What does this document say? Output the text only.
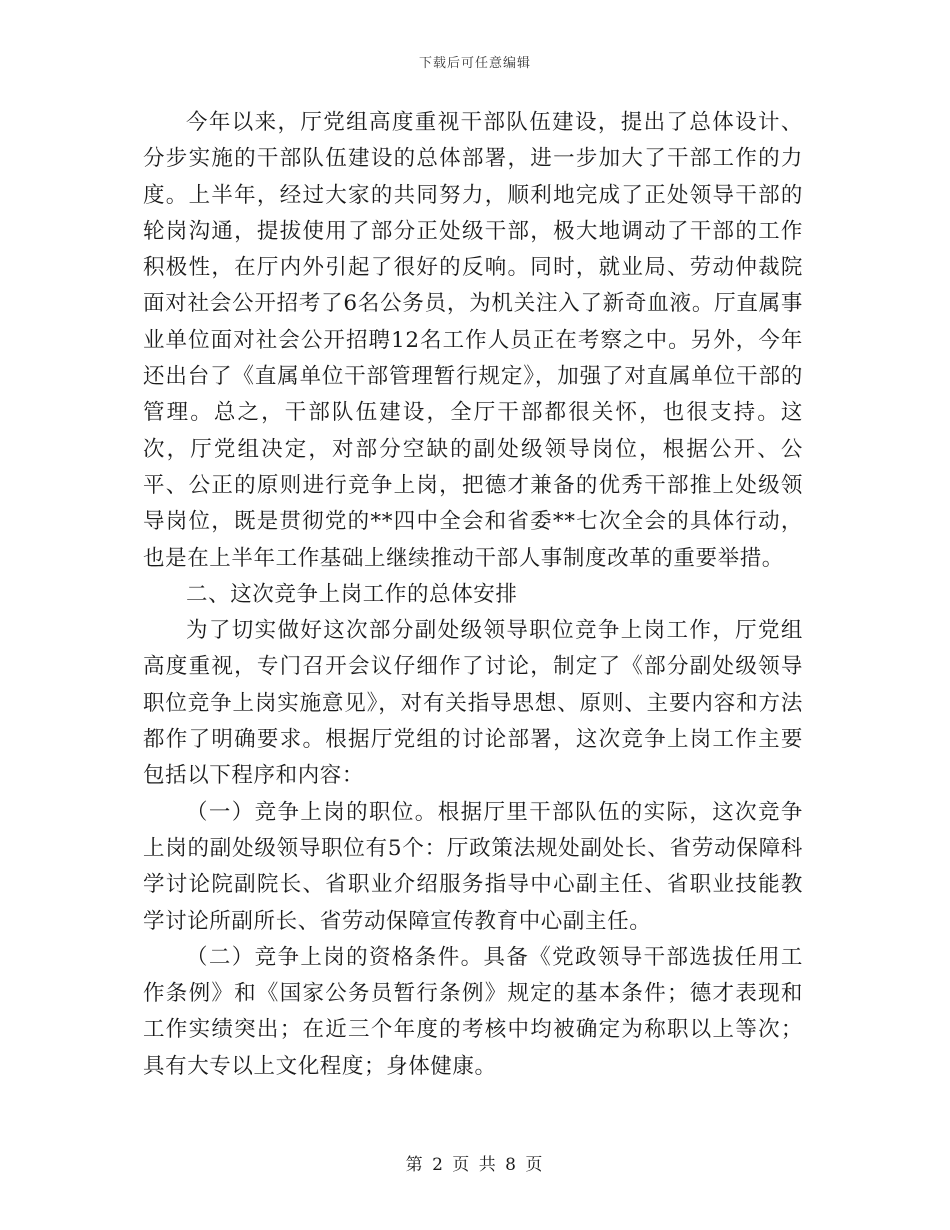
下载后可任意编辑

今年以来，厅党组高度重视干部队伍建设，提出了总体设计、分步实施的干部队伍建设的总体部署，进一步加大了干部工作的力度。上半年，经过大家的共同努力，顺利地完成了正处领导干部的轮岗沟通，提拔使用了部分正处级干部，极大地调动了干部的工作积极性，在厅内外引起了很好的反响。同时，就业局、劳动仲裁院面对社会公开招考了6名公务员，为机关注入了新奇血液。厅直属事业单位面对社会公开招聘12名工作人员正在考察之中。另外，今年还出台了《直属单位干部管理暂行规定》，加强了对直属单位干部的管理。总之，干部队伍建设，全厅干部都很关怀，也很支持。这次，厅党组决定，对部分空缺的副处级领导岗位，根据公开、公平、公正的原则进行竞争上岗，把德才兼备的优秀干部推上处级领导岗位，既是贯彻党的**四中全会和省委**七次全会的具体行动，也是在上半年工作基础上继续推动干部人事制度改革的重要举措。

二、这次竞争上岗工作的总体安排

为了切实做好这次部分副处级领导职位竞争上岗工作，厅党组高度重视，专门召开会议仔细作了讨论，制定了《部分副处级领导职位竞争上岗实施意见》，对有关指导思想、原则、主要内容和方法都作了明确要求。根据厅党组的讨论部署，这次竞争上岗工作主要包括以下程序和内容：

（一）竞争上岗的职位。根据厅里干部队伍的实际，这次竞争上岗的副处级领导职位有5个：厅政策法规处副处长、省劳动保障科学讨论院副院长、省职业介绍服务指导中心副主任、省职业技能教学讨论所副所长、省劳动保障宣传教育中心副主任。

（二）竞争上岗的资格条件。具备《党政领导干部选拔任用工作条例》和《国家公务员暂行条例》规定的基本条件；德才表现和工作实绩突出；在近三个年度的考核中均被确定为称职以上等次；具有大专以上文化程度；身体健康。

第 2 页 共 8 页
